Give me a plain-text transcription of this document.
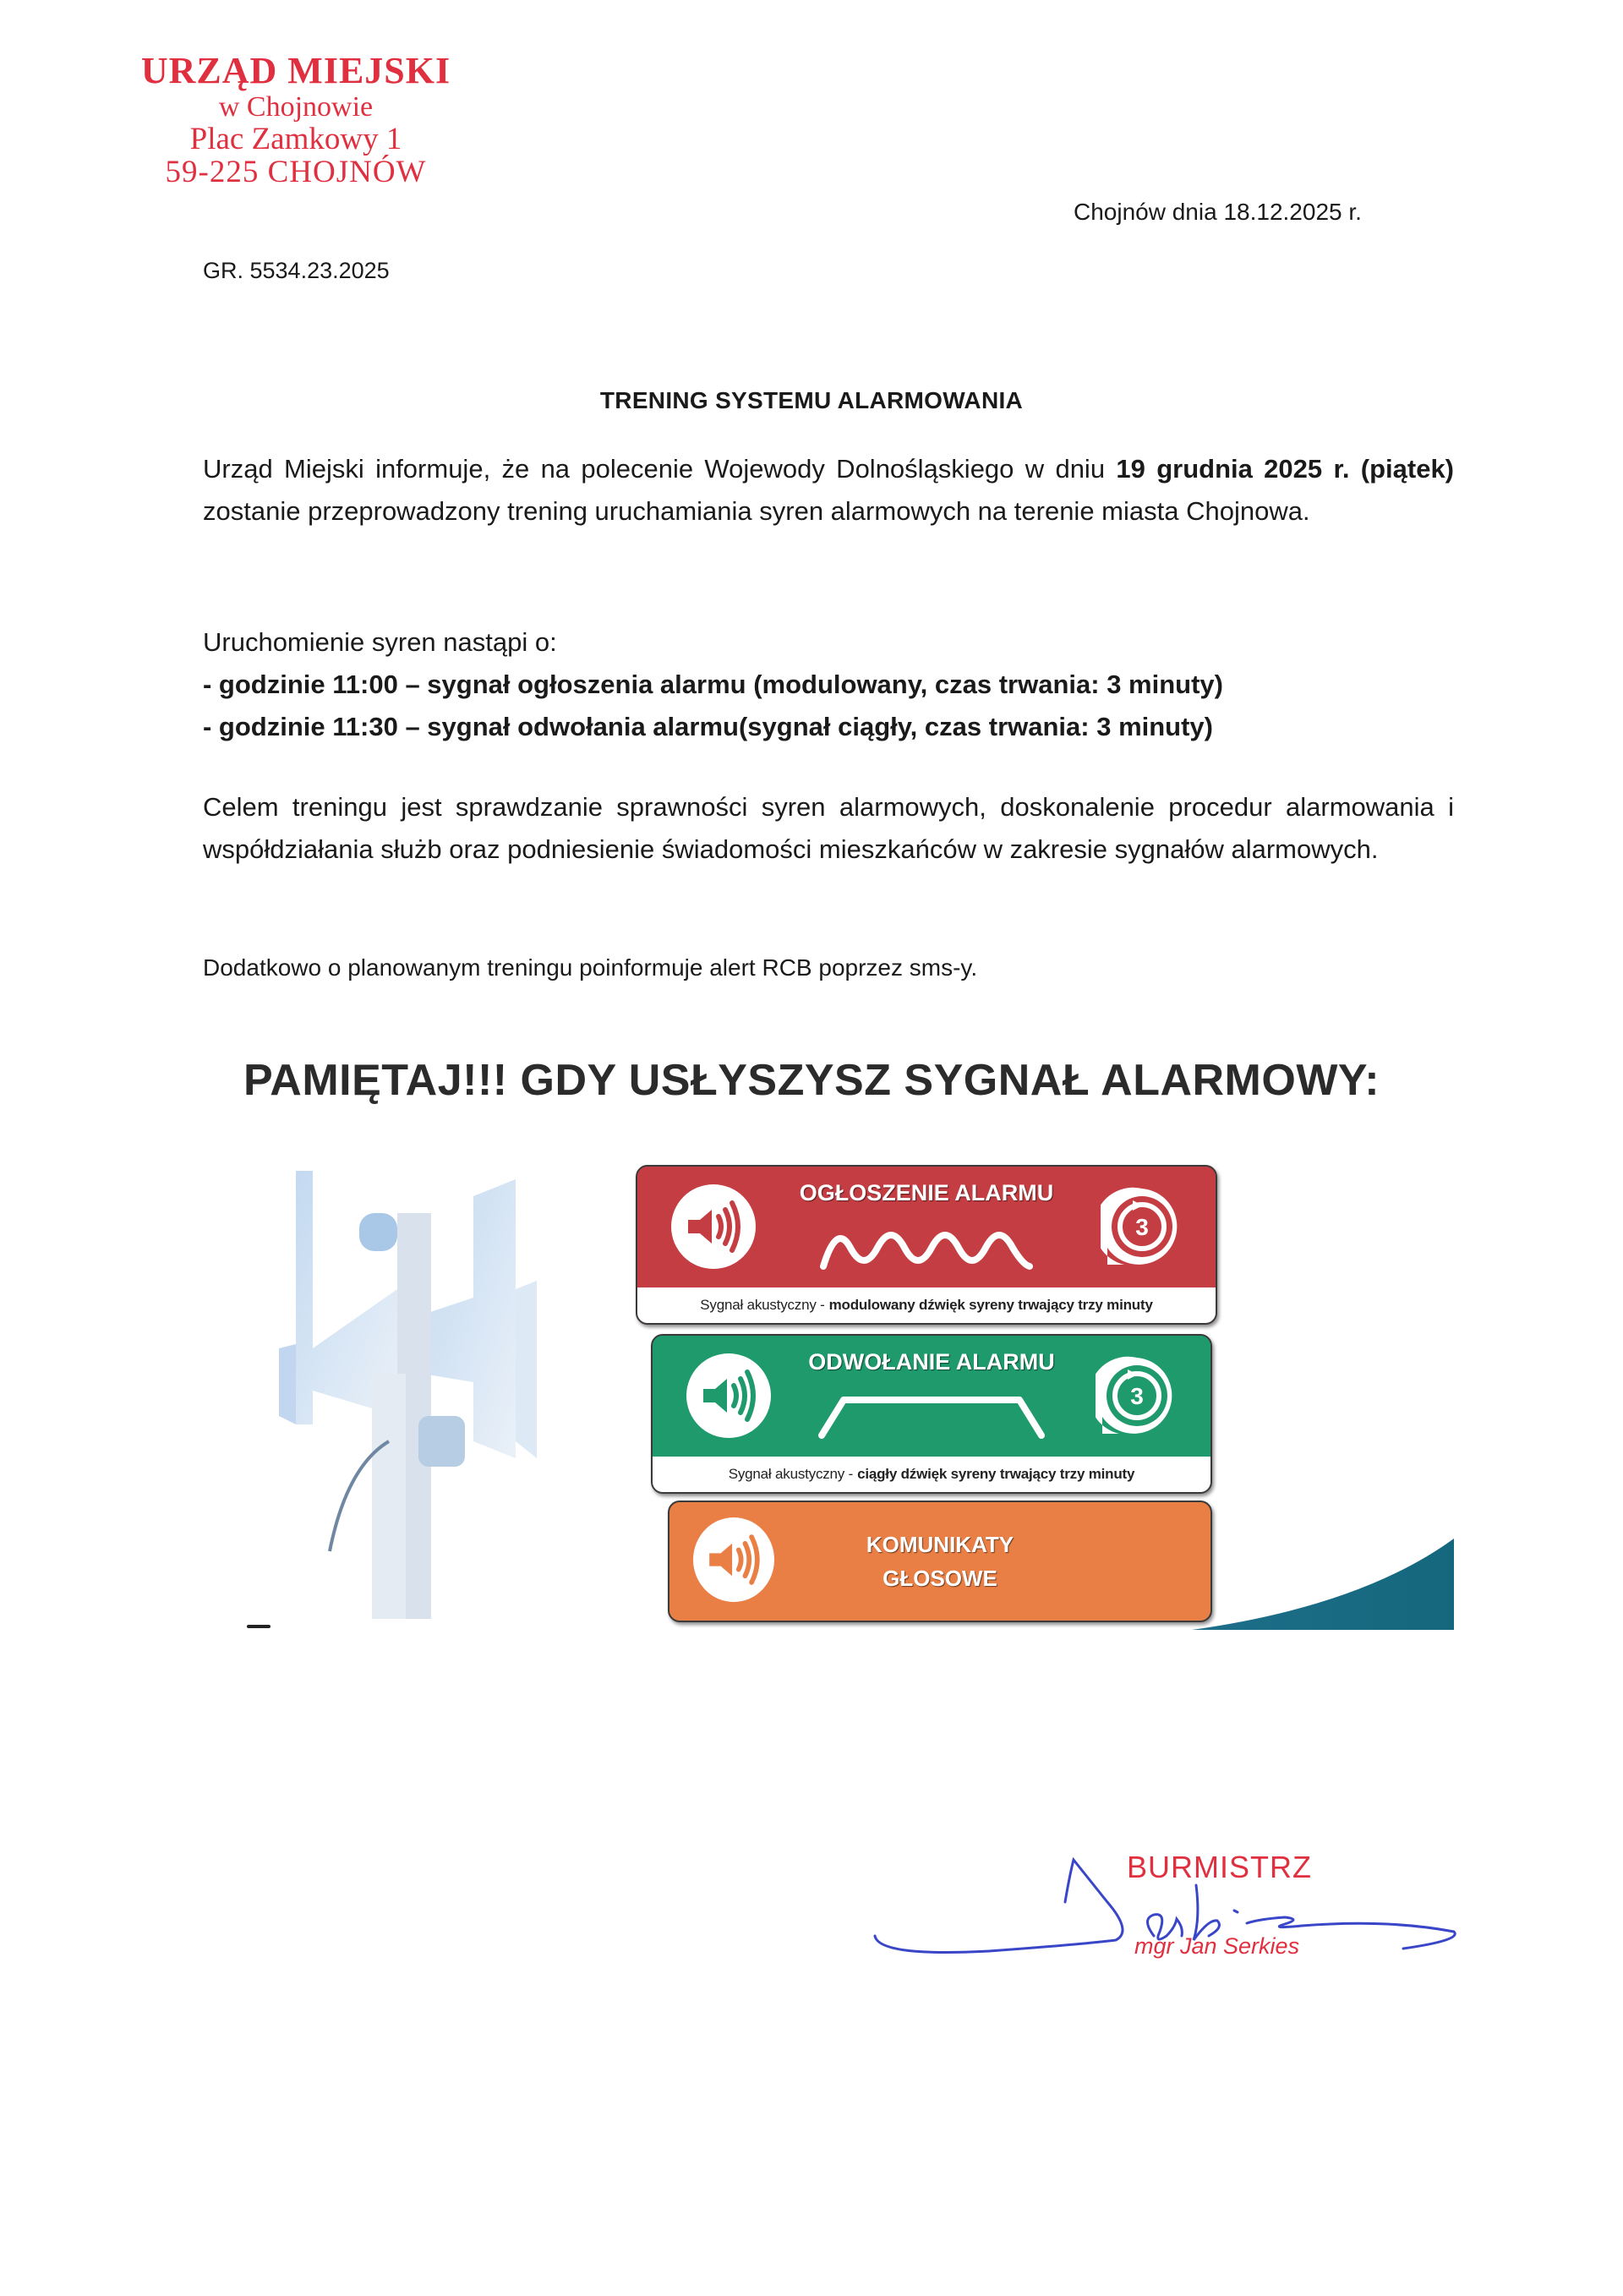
URZĄD MIEJSKI
w Chojnowie
Plac Zamkowy 1
59-225 CHOJNÓW
Chojnów dnia 18.12.2025 r.
GR. 5534.23.2025
TRENING SYSTEMU ALARMOWANIA
Urząd Miejski informuje, że na polecenie Wojewody Dolnośląskiego w dniu 19 grudnia 2025 r. (piątek) zostanie przeprowadzony trening uruchamiania syren alarmowych na terenie miasta Chojnowa.
Uruchomienie syren nastąpi o:
- godzinie 11:00 – sygnał ogłoszenia alarmu (modulowany, czas trwania: 3 minuty)
- godzinie 11:30 – sygnał odwołania alarmu(sygnał ciągły, czas trwania: 3 minuty)
Celem treningu jest sprawdzanie sprawności syren alarmowych, doskonalenie procedur alarmowania i współdziałania służb oraz podniesienie świadomości mieszkańców w zakresie sygnałów alarmowych.
Dodatkowo o planowanym treningu poinformuje alert RCB poprzez sms-y.
PAMIĘTAJ!!! GDY USŁYSZYSZ SYGNAŁ ALARMOWY:
OGŁOSZENIE ALARMU
3
Sygnał akustyczny - modulowany dźwięk syreny trwający trzy minuty
ODWOŁANIE ALARMU
3
Sygnał akustyczny - ciągły dźwięk syreny trwający trzy minuty
KOMUNIKATY
GŁOSOWE
BURMISTRZ
mgr Jan Serkies
